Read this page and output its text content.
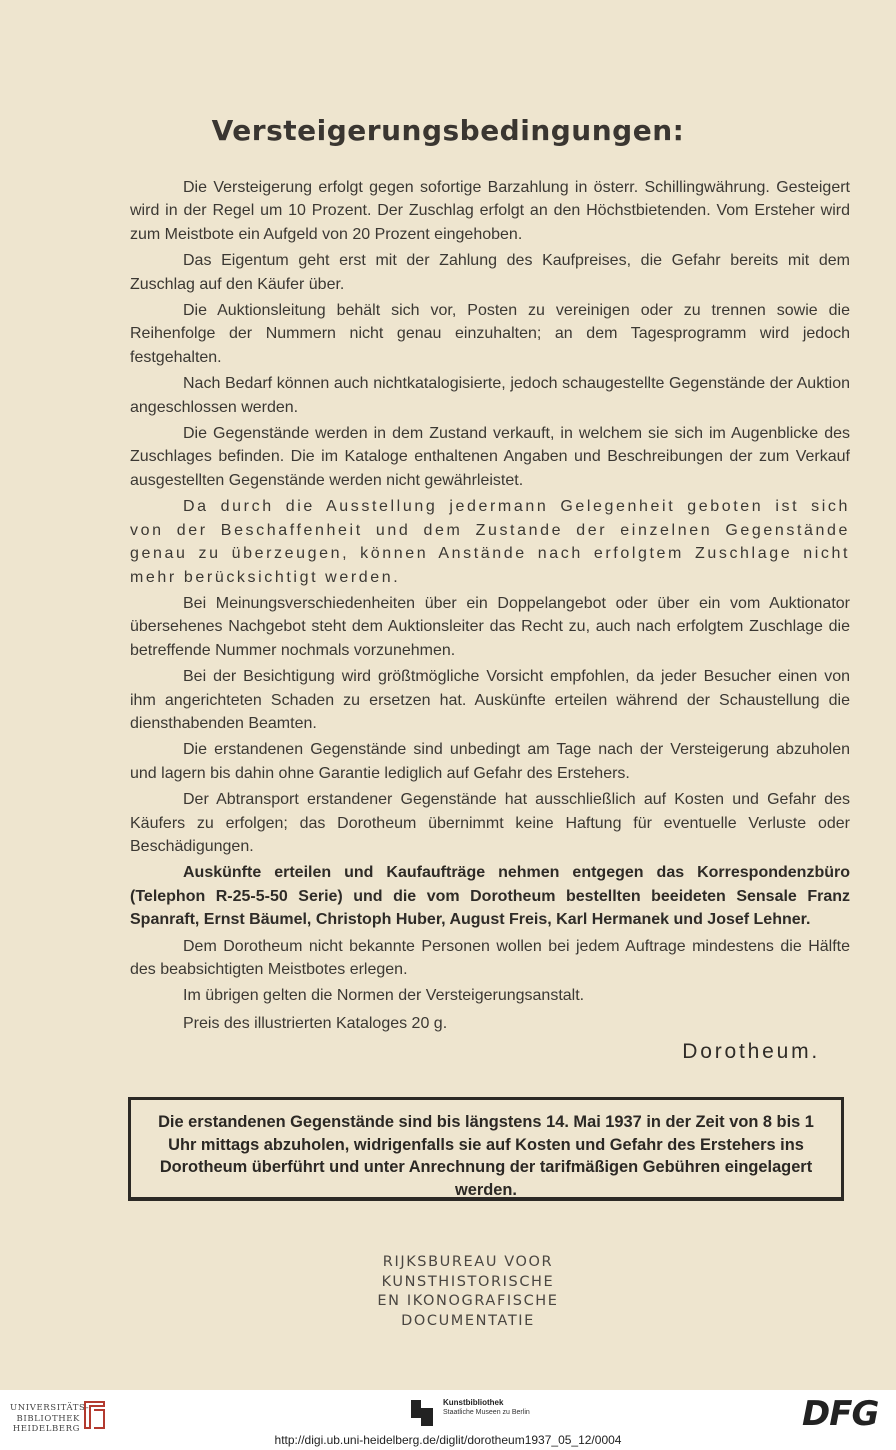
Versteigerungsbedingungen:

Die Versteigerung erfolgt gegen sofortige Barzahlung in österr. Schillingwährung. Gesteigert wird in der Regel um 10 Prozent. Der Zuschlag erfolgt an den Höchstbietenden. Vom Ersteher wird zum Meistbote ein Aufgeld von 20 Prozent eingehoben.

Das Eigentum geht erst mit der Zahlung des Kaufpreises, die Gefahr bereits mit dem Zuschlag auf den Käufer über.

Die Auktionsleitung behält sich vor, Posten zu vereinigen oder zu trennen sowie die Reihenfolge der Nummern nicht genau einzuhalten; an dem Tagesprogramm wird jedoch festgehalten.

Nach Bedarf können auch nichtkatalogisierte, jedoch schaugestellte Gegenstände der Auktion angeschlossen werden.

Die Gegenstände werden in dem Zustand verkauft, in welchem sie sich im Augenblicke des Zuschlages befinden. Die im Kataloge enthaltenen Angaben und Beschreibungen der zum Verkauf ausgestellten Gegenstände werden nicht gewährleistet.

Da durch die Ausstellung jedermann Gelegenheit geboten ist sich von der Beschaffenheit und dem Zustande der einzelnen Gegenstände genau zu überzeugen, können Anstände nach erfolgtem Zuschlage nicht mehr berücksichtigt werden.

Bei Meinungsverschiedenheiten über ein Doppelangebot oder über ein vom Auktionator übersehenes Nachgebot steht dem Auktionsleiter das Recht zu, auch nach erfolgtem Zuschlage die betreffende Nummer nochmals vorzunehmen.

Bei der Besichtigung wird größtmögliche Vorsicht empfohlen, da jeder Besucher einen von ihm angerichteten Schaden zu ersetzen hat. Auskünfte erteilen während der Schaustellung die diensthabenden Beamten.

Die erstandenen Gegenstände sind unbedingt am Tage nach der Versteigerung abzuholen und lagern bis dahin ohne Garantie lediglich auf Gefahr des Erstehers.

Der Abtransport erstandener Gegenstände hat ausschließlich auf Kosten und Gefahr des Käufers zu erfolgen; das Dorotheum übernimmt keine Haftung für eventuelle Verluste oder Beschädigungen.

Auskünfte erteilen und Kaufaufträge nehmen entgegen das Korrespondenzbüro (Telephon R-25-5-50 Serie) und die vom Dorotheum bestellten beeideten Sensale Franz Spanraft, Ernst Bäumel, Christoph Huber, August Freis, Karl Hermanek und Josef Lehner.

Dem Dorotheum nicht bekannte Personen wollen bei jedem Auftrage mindestens die Hälfte des beabsichtigten Meistbotes erlegen.

Im übrigen gelten die Normen der Versteigerungsanstalt.

Preis des illustrierten Kataloges 20 g.

Dorotheum.
Die erstandenen Gegenstände sind bis längstens 14. Mai 1937 in der Zeit von 8 bis 1 Uhr mittags abzuholen, widrigenfalls sie auf Kosten und Gefahr des Erstehers ins Dorotheum überführt und unter Anrechnung der tarifmäßigen Gebühren eingelagert werden.
RIJKSBUREAU VOOR
KUNSTHISTORISCHE
EN IKONOGRAFISCHE
DOCUMENTATIE
UNIVERSITÄTS-
BIBLIOTHEK
HEIDELBERG
Kunstbibliothek
Staatliche Museen zu Berlin	DFG
http://digi.ub.uni-heidelberg.de/diglit/dorotheum1937_05_12/0004
